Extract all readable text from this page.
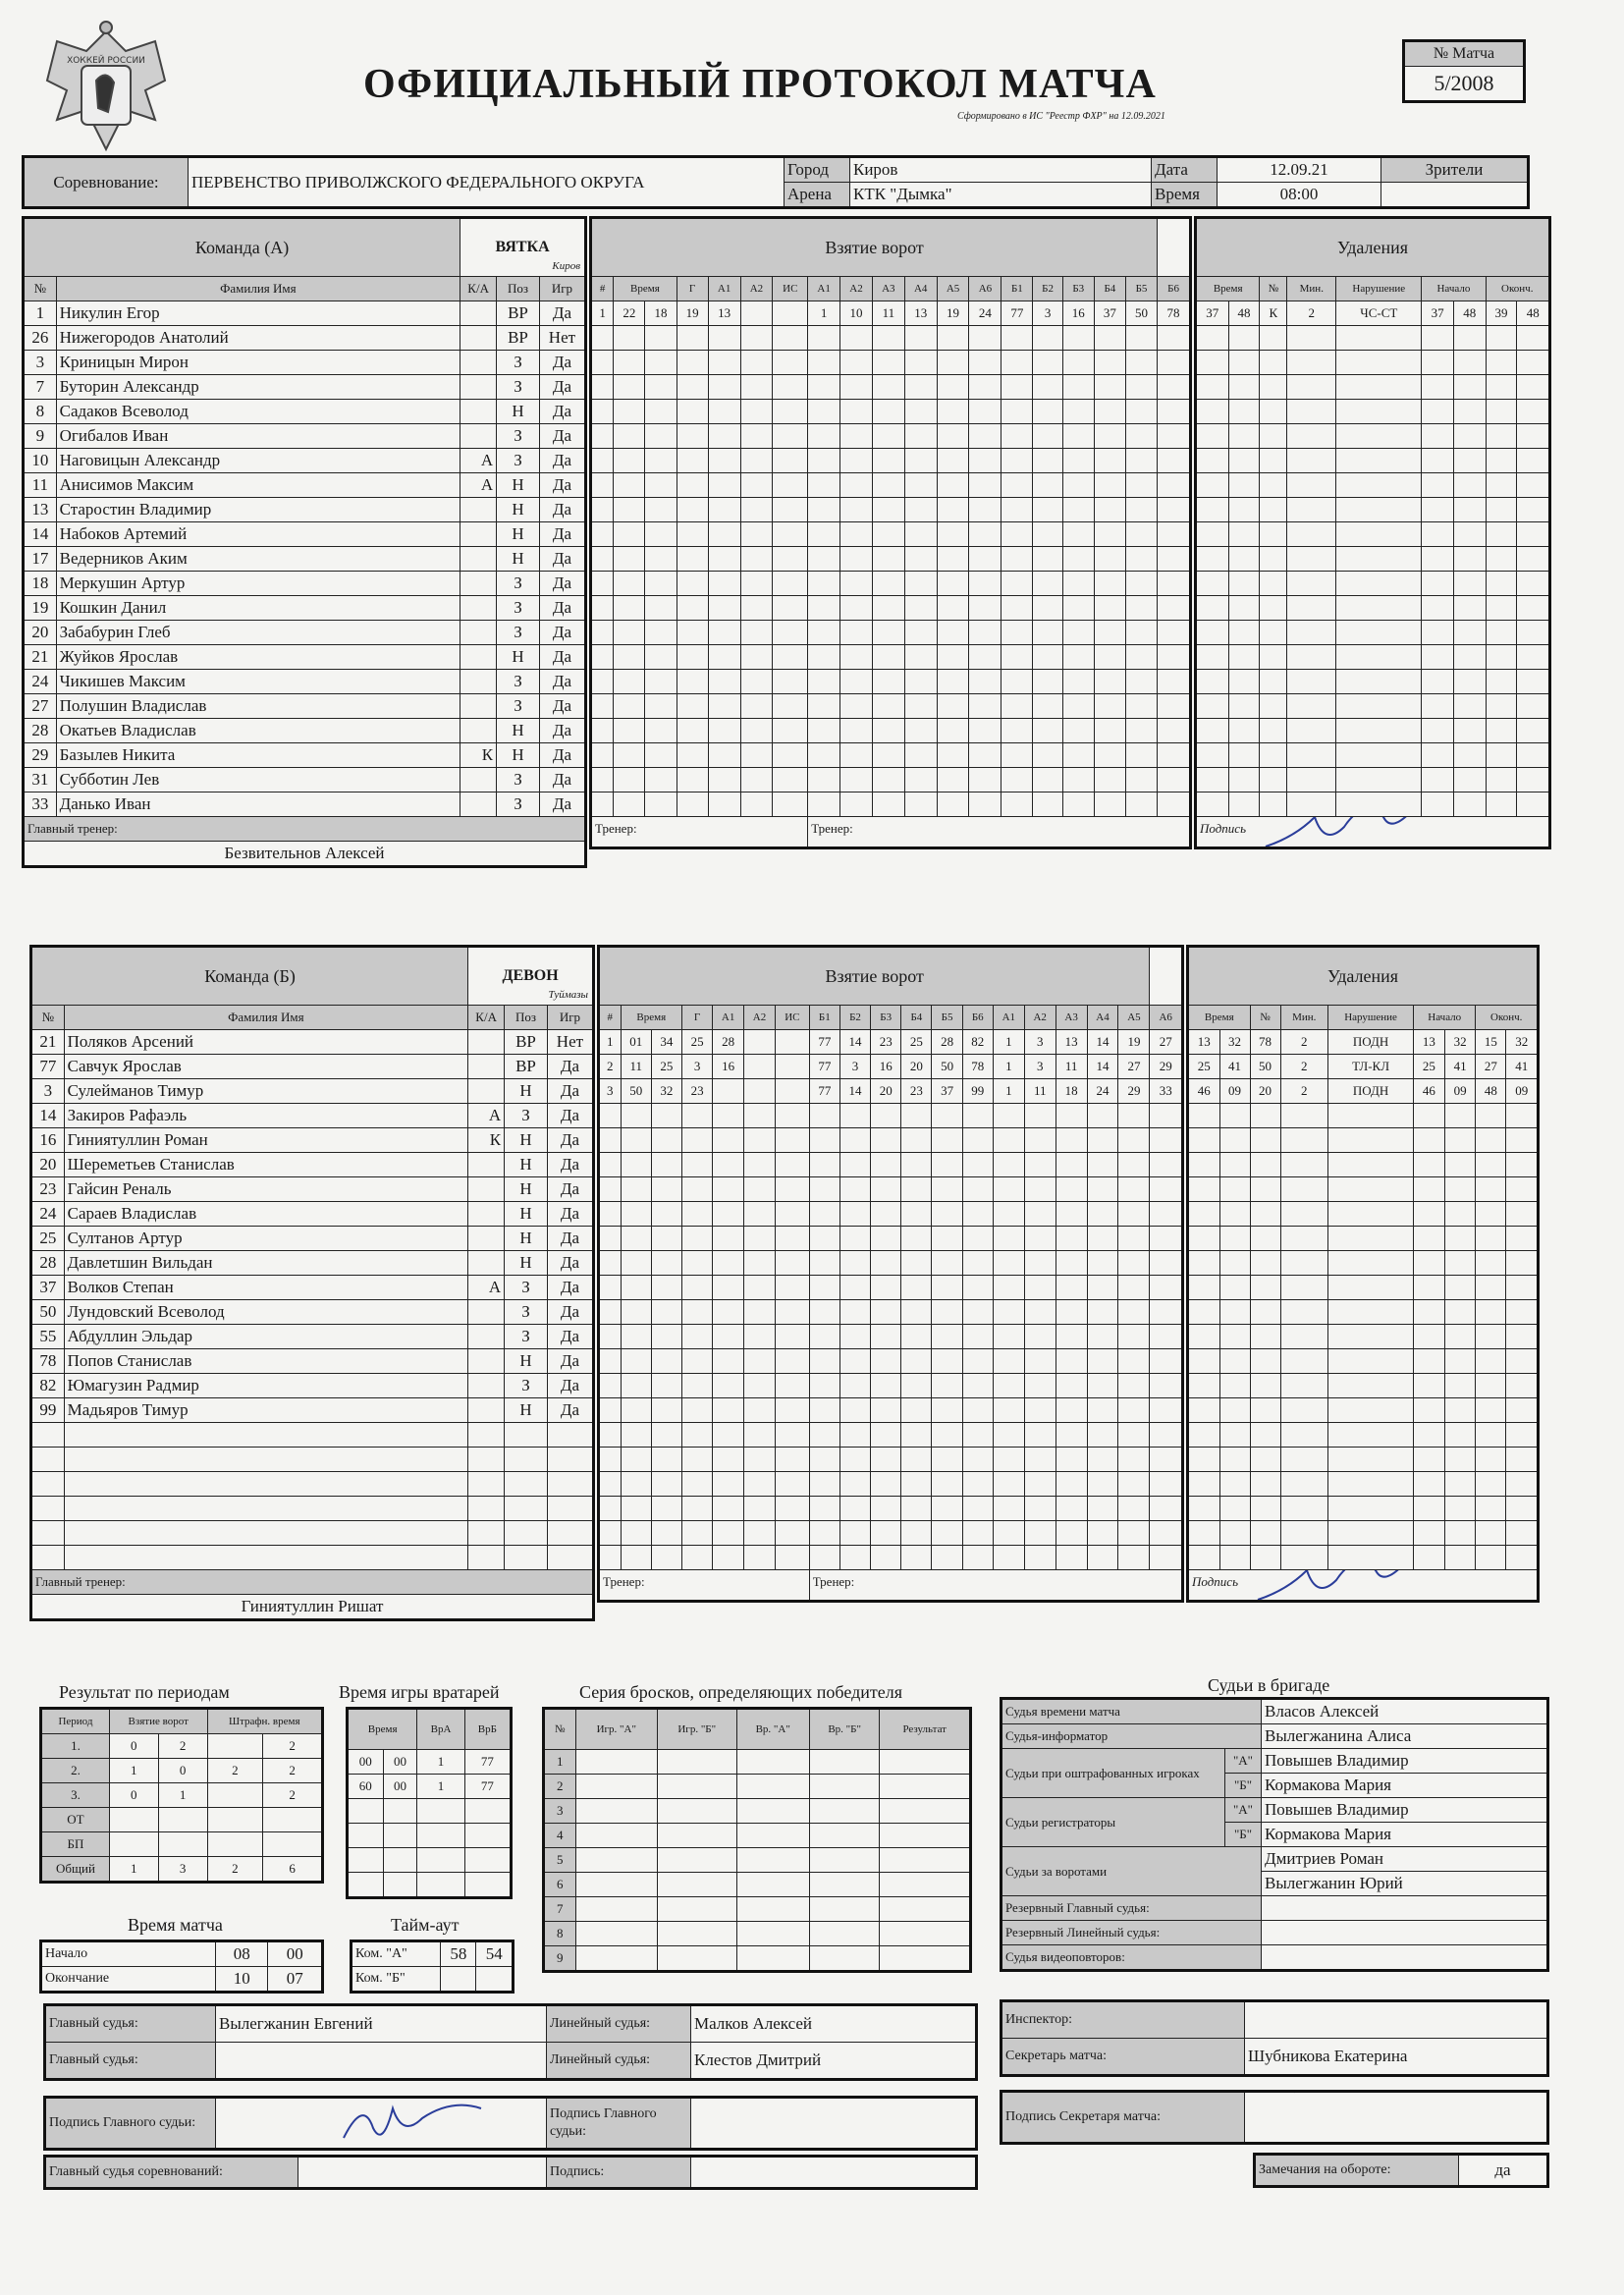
ХОККЕЙ РОССИИ
ОФИЦИАЛЬНЫЙ ПРОТОКОЛ МАТЧА
Сформировано в ИС "Реестр ФХР" на 12.09.2021
№ Матча
5/2008
Соревнование:	ПЕРВЕНСТВО ПРИВОЛЖСКОГО ФЕДЕРАЛЬНОГО ОКРУГА	Город	Киров	Дата	12.09.21	Зрители
		Арена	КТК "Дымка"	Время	08:00	
Команда (А)		ВЯТКА
Киров		

№	Фамилия Имя	К/А	Поз	Игр
1	Никулин Егор		ВР	Да
26	Нижегородов Анатолий		ВР	Нет
3	Криницын Мирон		З	Да
7	Буторин Александр		З	Да
8	Садаков Всеволод		Н	Да
9	Огибалов Иван		З	Да
10	Наговицын Александр	А	З	Да
11	Анисимов Максим	А	Н	Да
13	Старостин Владимир		Н	Да
14	Набоков Артемий		Н	Да
17	Ведерников Аким		Н	Да
18	Меркушин Артур		З	Да
19	Кошкин Данил		З	Да
20	Забабурин Глеб		З	Да
21	Жуйков Ярослав		Н	Да
24	Чикишев Максим		З	Да
27	Полушин Владислав		З	Да
28	Окатьев Владислав		Н	Да
29	Базылев Никита	К	Н	Да
31	Субботин Лев		З	Да
33	Данько Иван		З	Да
Главный тренер:				
Безвительнов Алексей				
Взятие ворот																		
#	Время		Г	А1	А2	ИС	А1	А2	А3	А4	А5	А6	Б1	Б2	Б3	Б4	Б5	Б6
1	22	18	19	13			1	10	11	13	19	24	77	3	16	37	50	78

Тренер:							Тренер:											
Удаления								
Время		№	Мин.	Нарушение	Начало		Оконч.	
37	48	К	2	ЧС-СТ	37	48	39	48

Подпись								
Команда (Б)		ДЕВОН
Туймазы		

№	Фамилия Имя	К/А	Поз	Игр
21	Поляков Арсений		ВР	Нет
77	Савчук Ярослав		ВР	Да
3	Сулейманов Тимур		Н	Да
14	Закиров Рафаэль	А	З	Да
16	Гиниятуллин Роман	К	Н	Да
20	Шереметьев Станислав		Н	Да
23	Гайсин Реналь		Н	Да
24	Сараев Владислав		Н	Да
25	Султанов Артур		Н	Да
28	Давлетшин Вильдан		Н	Да
37	Волков Степан	А	З	Да
50	Лундовский Всеволод		З	Да
55	Абдуллин Эльдар		З	Да
78	Попов Станислав		Н	Да
82	Юмагузин Радмир		З	Да
99	Мадьяров Тимур		Н	Да

Главный тренер:				
Гиниятуллин Ришат				
Взятие ворот																		
#	Время		Г	А1	А2	ИС	Б1	Б2	Б3	Б4	Б5	Б6	А1	А2	А3	А4	А5	А6
1	01	34	25	28			77	14	23	25	28	82	1	3	13	14	19	27
2	11	25	3	16			77	3	16	20	50	78	1	3	11	14	27	29
3	50	32	23				77	14	20	23	37	99	1	11	18	24	29	33

Тренер:							Тренер:											
Удаления								
Время		№	Мин.	Нарушение	Начало		Оконч.	
13	32	78	2	ПОДН	13	32	15	32
25	41	50	2	ТЛ-КЛ	25	41	27	41
46	09	20	2	ПОДН	46	09	48	09

Подпись								
Результат по периодам
Период	Взятие ворот		Штрафн. время	
1.	0	2		2
2.	1	0	2	2
3.	0	1		2
ОТ				
БП				
Общий	1	3	2	6
Время матча
Начало	08	00
Окончание	10	07
Время игры вратарей
Время		ВрА	ВрБ
00	00	1	77
60	00	1	77

Тайм-аут
Ком. "А"	58	54
Ком. "Б"		
Серия бросков, определяющих победителя
№	Игр. "А"	Игр. "Б"	Вр. "А"	Вр. "Б"	Результат
1					
2					
3					
4					
5					
6					
7					
8					
9					
Судьи в бригаде
Судья времени матча		Власов Алексей
Судья-информатор		Вылегжанина Алиса
Судьи при оштрафованных игроках	"А"	Повышев Владимир
	"Б"	Кормакова Мария
Судьи регистраторы	"А"	Повышев Владимир
	"Б"	Кормакова Мария
Судьи за воротами		Дмитриев Роман
		Вылегжанин Юрий
Резервный Главный судья:		
Резервный Линейный судья:		
Судья видеоповторов:		
Главный судья:	Вылегжанин Евгений	Линейный судья:	Малков Алексей
Главный судья:		Линейный судья:	Клестов Дмитрий
Подпись Главного судьи:	
	Подпись Главного судьи:	
Главный судья соревнований:		Подпись:	
Инспектор:	
Секретарь матча:	Шубникова Екатерина
Подпись Секретаря матча:	
Замечания на обороте:	да
